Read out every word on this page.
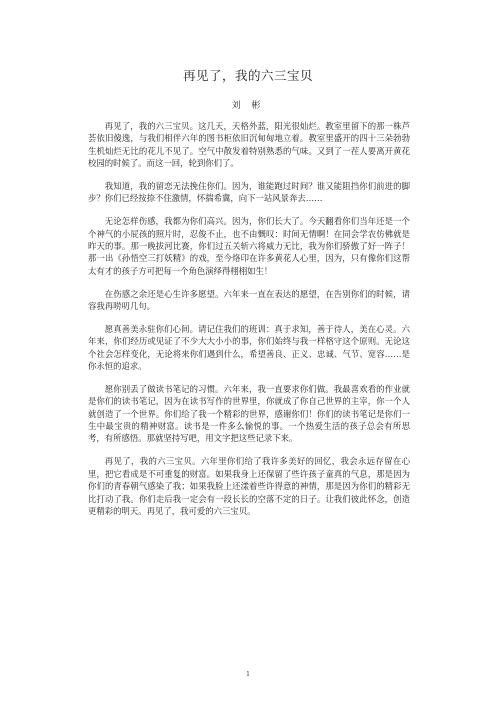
再见了，我的六三宝贝
刘 彬

再见了，我的六三宝贝。这几天，天格外蓝，阳光很灿烂。教室里留下的那一株芦荟依旧傻逸，与我们相伴六年的图书柜依旧沉甸甸地立着。教室里盛开的四十三朵勃勃生机灿烂无比的花儿不见了。空气中散发着特别熟悉的气味。又到了一茬人要离开黄花校园的时候了。而这一回，轮到你们了。

我知道，我的留恋无法挽住你们。因为，谁能跑过时间？谁又能阻挡你们前进的脚步？你们已经按捺不住激情，怀揣希冀，向下一站风景奔去……

无论怎样伤感，我都为你们高兴。因为，你们长大了。今天翻看你们当年还是一个个神气的小屁孩的照片时，忍俊不止，也不由慨叹：时间无情啊！在同会学农仿佛就是昨天的事。那一晚拔河比赛，你们过五关斩六将威力无比，我为你们骄傲了好一阵子！那一出《孙悟空三打妖精》的戏，至今烙印在许多黄花人心里，因为，只有像你们这帮太有才的孩子方可把每一个角色演绎得栩栩如生！

在伤感之余还是心生许多愿望。六年来一直在表达的愿望，在告别你们的时候，请容我再唠叨几句。

愿真善美永驻你们心间。请记住我们的班训：真于求知，善于待人，美在心灵。六年来，你们经历或见证了不少大大小小的事，你们始终与我一样格守这个原则。无论这个社会怎样变化，无论将来你们遇到什么，希望善良、正义、忠诚、气节、宽容……是你永恒的追求。

愿你别丢了做读书笔记的习惯。六年来，我一直要求你们做。我最喜欢看的作业就是你们的读书笔记，因为在读书写作的世界里，你就成了你自己世界的主宰，你一个人就创造了一个世界。你们给了我一个精彩的世界，感谢你们！你们的读书笔记是你们一生中最宝贵的精神财富。读书是一件多么愉悦的事。一个热爱生活的孩子总会有所思考，有所感悟。那就坚持写吧，用文字把这些记录下来。

再见了，我的六三宝贝。六年里你们给了我许多美好的回忆，我会永远存留在心里，把它看成是不可重复的财富。如果我身上还保留了些许孩子童真的气息，那是因为你们的青春朝气感染了我；如果我脸上还漾着些许得意的神情，那是因为你们的精彩无比打动了我。你们走后我一定会有一段长长的空落不定的日子。让我们彼此怀念，创造更精彩的明天。再见了，我可爱的六三宝贝。

1
